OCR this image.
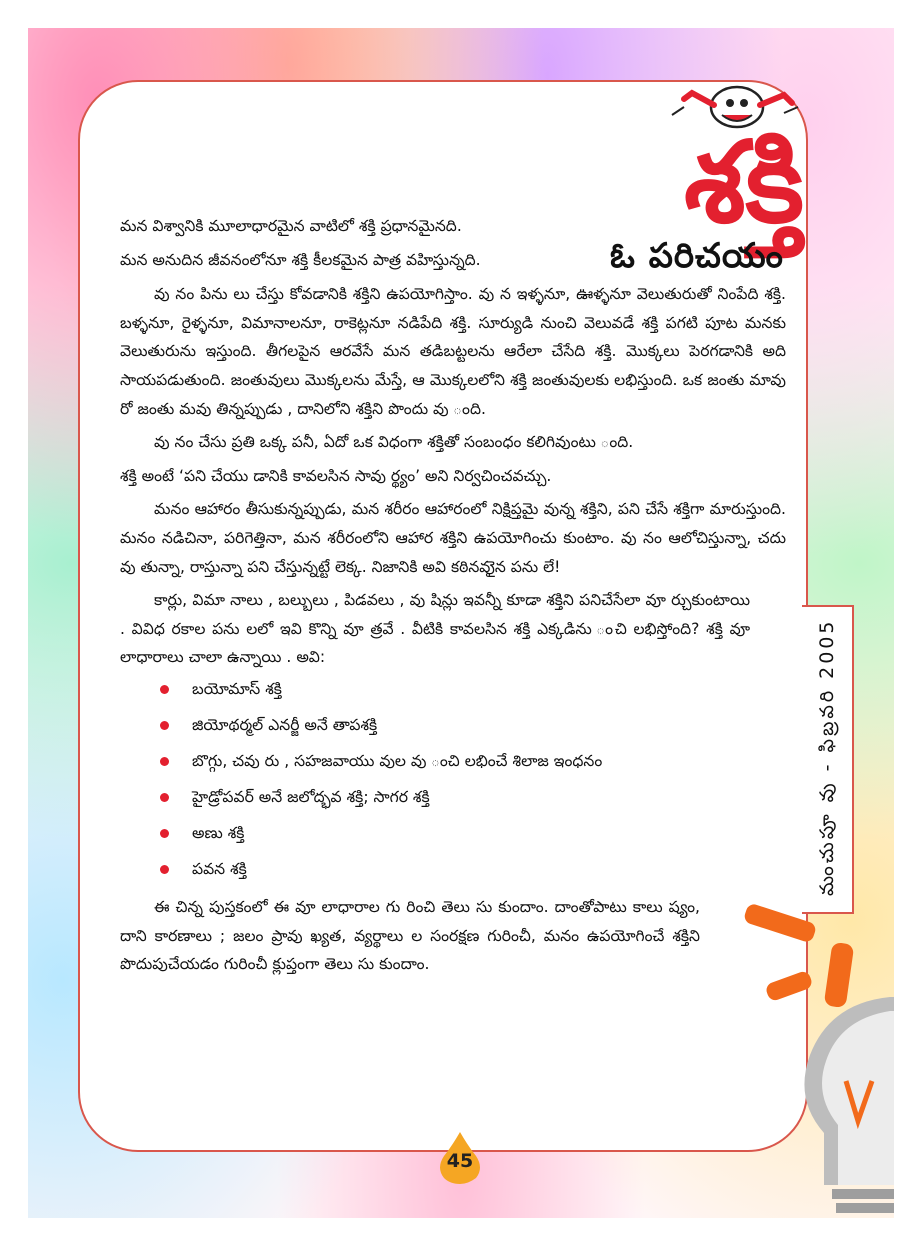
శక్తి
ఓ పరిచయం
మంచుపూ వు - ఫిబ్రవరి 2005

మన విశ్వానికి మూలాధారమైన వాటిలో శక్తి ప్రధానమైనది.

మన అనుదిన జీవనంలోనూ శక్తి కీలకమైన పాత్ర వహిస్తున్నది.

వు నం పిను లు చేస్తు కోవడానికి శక్తిని ఉపయోగిస్తాం. వు న ఇళ్ళనూ, ఊళ్ళనూ వెలుతురుతో నింపేది శక్తి. బళ్ళనూ, రైళ్ళనూ, విమానాలనూ, రాకెట్లనూ నడిపేది శక్తి. సూర్యుడి నుంచి వెలువడే శక్తి పగటి పూట మనకు వెలుతురును ఇస్తుంది. తీగలపైన ఆరవేసే మన తడిబట్టలను ఆరేలా చేసేది శక్తి. మొక్కలు పెరగడానికి అది సాయపడుతుంది. జంతువులు మొక్కలను మేస్తే, ఆ మొక్కలలోని శక్తి జంతువులకు లభిస్తుంది. ఒక జంతు మావు రో జంతు మవు తిన్నప్పుడు , దానిలోని శక్తిని పొందు వు ంది.

వు నం చేసు ప్రతి ఒక్క పనీ, ఏదో ఒక విధంగా శక్తితో సంబంధం కలిగివుంటు ంది.

శక్తి అంటే ‘పని చేయు డానికి కావలసిన సావు ర్థ్యం’ అని నిర్వచించవచ్చు.

మనం ఆహారం తీసుకున్నప్పుడు, మన శరీరం ఆహారంలో నిక్షిప్తమై వున్న శక్తిని, పని చేసే శక్తిగా మారుస్తుంది. మనం నడిచినా, పరిగెత్తినా, మన శరీరంలోని ఆహార శక్తిని ఉపయోగించు కుంటాం. వు నం ఆలోచిస్తున్నా, చదు వు తున్నా, రాస్తున్నా పని చేస్తున్నట్టే లెక్క. నిజానికి అవి కఠినవుైన పను లే!

కార్లు, విమా నాలు , బల్బులు , పిడవలు , వు షిన్లు ఇవన్నీ కూడా శక్తిని పనిచేసేలా వూ ర్చుకుంటాయి . వివిధ రకాల పను లలో ఇవి కొన్ని వూ త్రవే . వీటికి కావలసిన శక్తి ఎక్కడిను ంచి లభిస్తోంది? శక్తి వూ లాధారాలు చాలా ఉన్నాయి . అవి:

బయోమాస్ శక్తి
జియోథర్మల్ ఎనర్జీ అనే తాపశక్తి
బొగ్గు, చవు రు , సహజవాయు వుల వు ంచి లభించే శిలాజ ఇంధనం
హైడ్రోపవర్ అనే జలోద్భవ శక్తి; సాగర శక్తి
అణు శక్తి
పవన శక్తి

ఈ చిన్న పుస్తకంలో ఈ వూ లాధారాల గు రించి తెలు సు కుందాం. దాంతోపాటు కాలు ష్యం, దాని కారణాలు ; జలం ప్రావు ఖ్యత, వ్యర్థాలు ల సంరక్షణ గురించీ, మనం ఉపయోగించే శక్తిని పొదుపుచేయడం గురించీ క్లుప్తంగా తెలు సు కుందాం.

45
